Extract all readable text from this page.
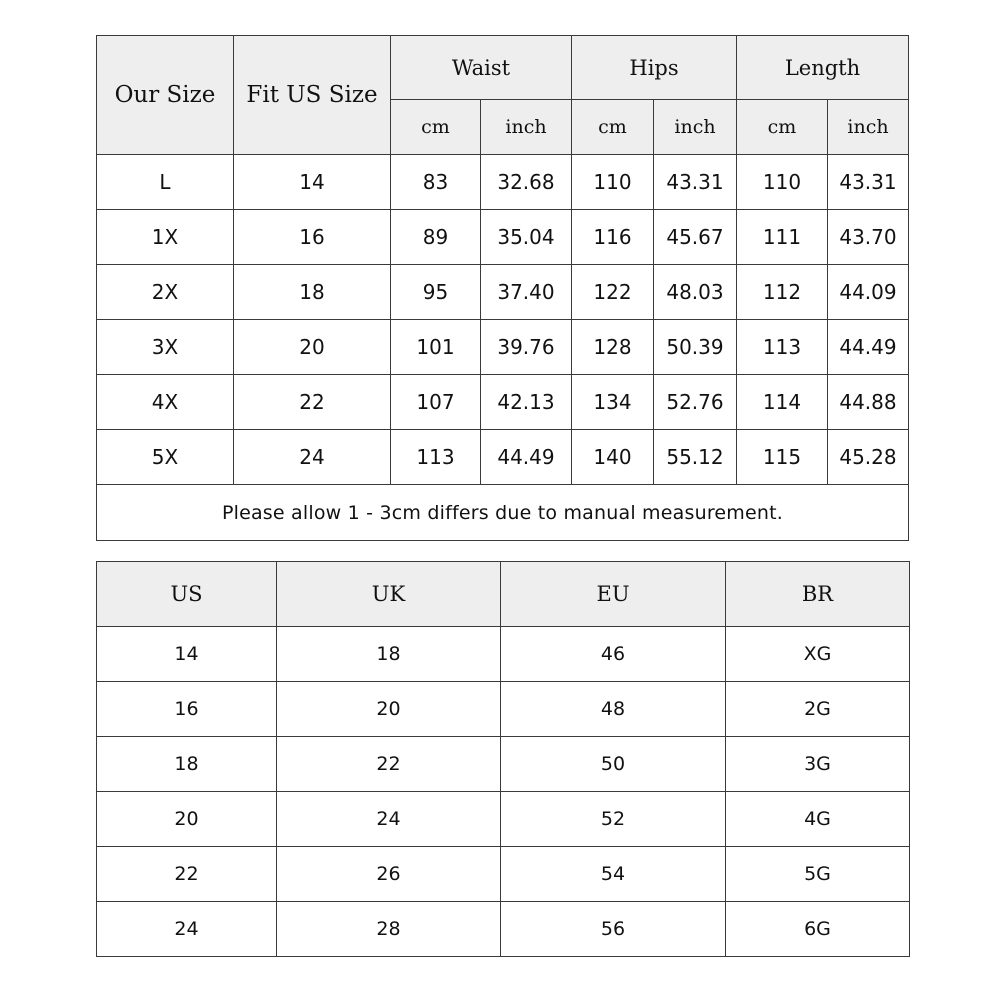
Our Size	Fit US Size	Waist		Hips		Length	
		cm	inch	cm	inch	cm	inch
L	14	83	32.68	110	43.31	110	43.31
1X	16	89	35.04	116	45.67	111	43.70
2X	18	95	37.40	122	48.03	112	44.09
3X	20	101	39.76	128	50.39	113	44.49
4X	22	107	42.13	134	52.76	114	44.88
5X	24	113	44.49	140	55.12	115	45.28
Please allow 1 - 3cm differs due to manual measurement.							
US	UK	EU	BR
14	18	46	XG
16	20	48	2G
18	22	50	3G
20	24	52	4G
22	26	54	5G
24	28	56	6G
